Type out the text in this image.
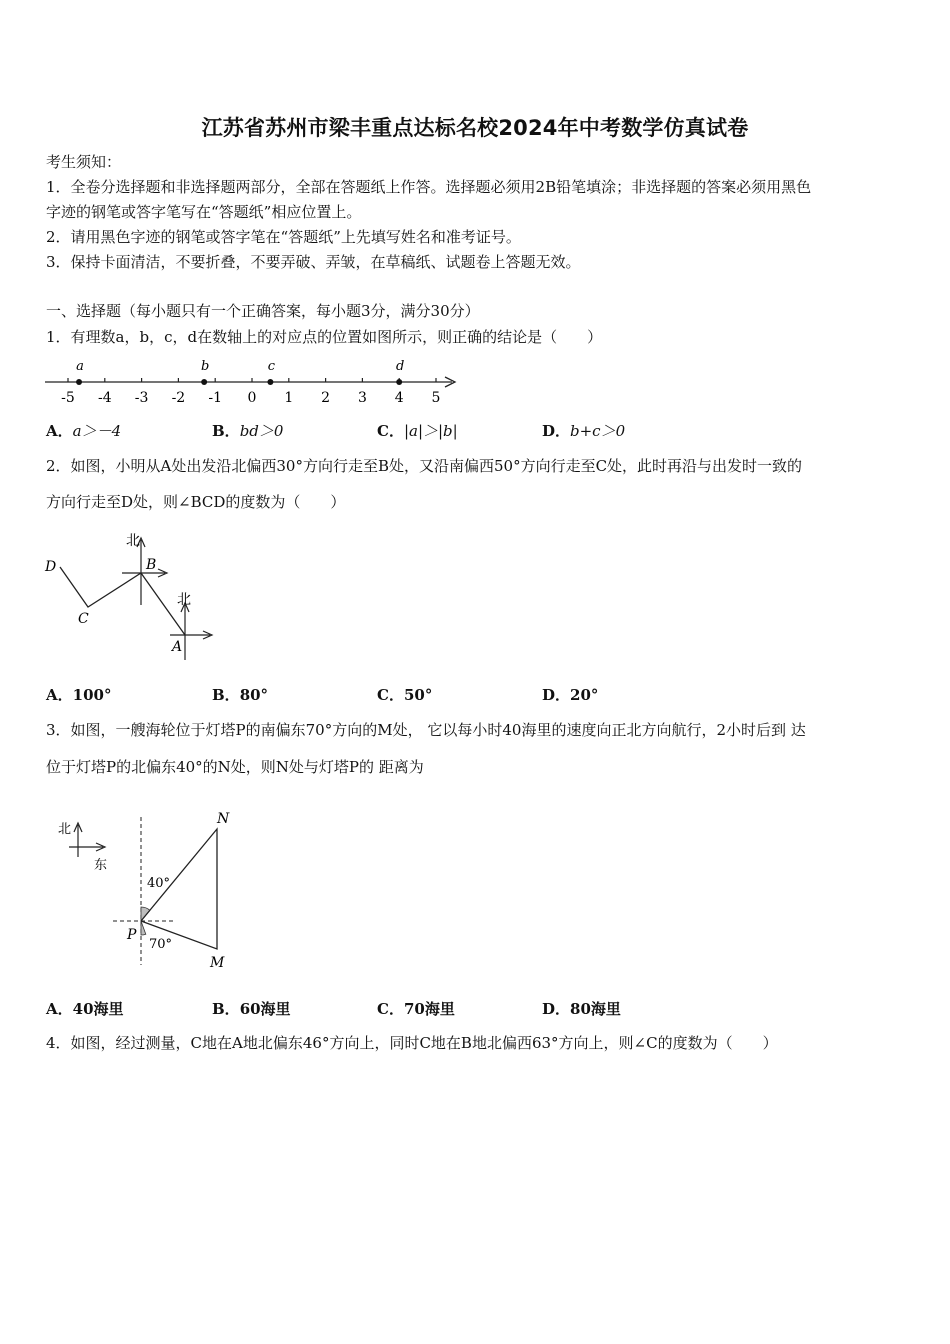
江苏省苏州市梁丰重点达标名校2024年中考数学仿真试卷
考生须知：
1．全卷分选择题和非选择题两部分，全部在答题纸上作答。选择题必须用2B铅笔填涂；非选择题的答案必须用黑色
字迹的钢笔或答字笔写在“答题纸”相应位置上。
2．请用黑色字迹的钢笔或答字笔在“答题纸”上先填写姓名和准考证号。
3．保持卡面清洁，不要折叠，不要弄破、弄皱，在草稿纸、试题卷上答题无效。
一、选择题（每小题只有一个正确答案，每小题3分，满分30分）
1．有理数a，b，c，d在数轴上的对应点的位置如图所示，则正确的结论是（　　）
-5 -4 -3 -2 -1 0 1 2 3 4 5
a	b	c	d
A．a＞－4	B．bd＞0	C．|a|＞|b|	D．b+c＞0
2．如图，小明从A处出发沿北偏西30°方向行走至B处，又沿南偏西50°方向行走至C处，此时再沿与出发时一致的
方向行走至D处，则∠BCD的度数为（　　）
D	B
C
A
北
北
A．100°	B．80°	C．50°	D．20°
3．如图，一艘海轮位于灯塔P的南偏东70°方向的M处， 它以每小时40海里的速度向正北方向航行，2小时后到 达
位于灯塔P的北偏东40°的N处，则N处与灯塔P的 距离为
北
东
N
P
M
40°
70°
A．40海里	B．60海里	C．70海里	D．80海里
4．如图，经过测量，C地在A地北偏东46°方向上，同时C地在B地北偏西63°方向上，则∠C的度数为（　　）
